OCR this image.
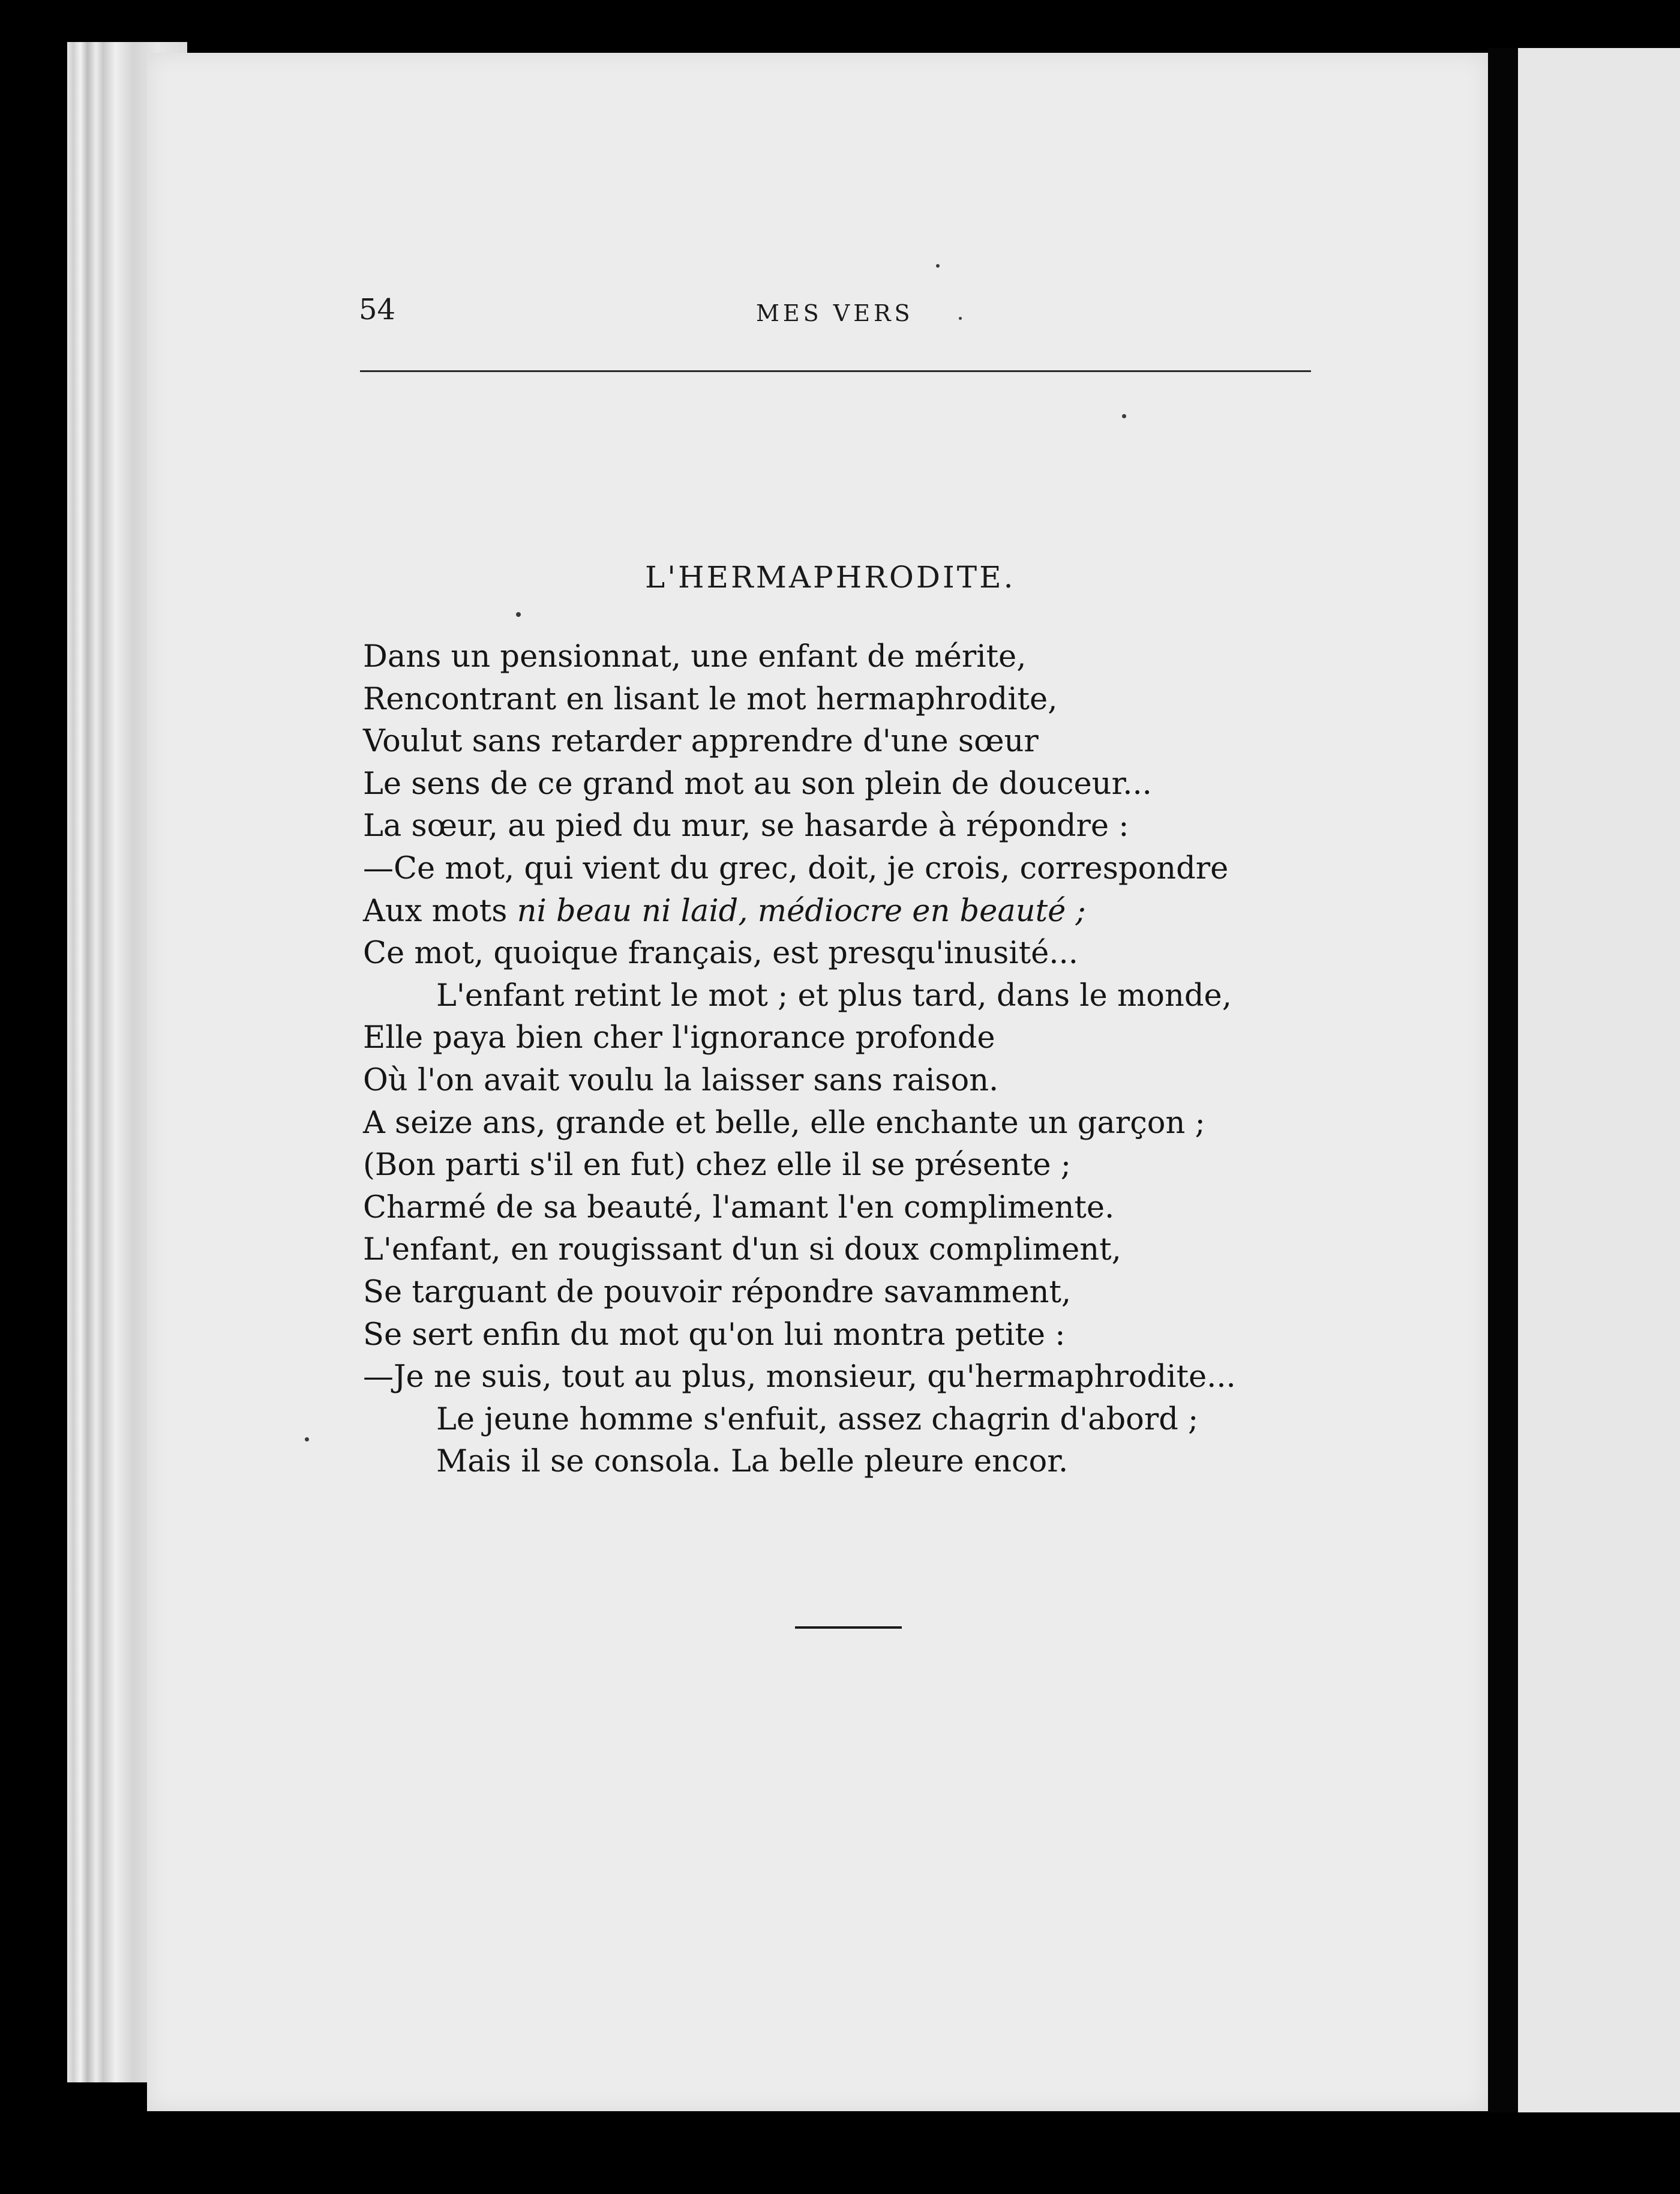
54	MES VERS
L'HERMAPHRODITE.
Dans un pensionnat, une enfant de mérite,
Rencontrant en lisant le mot hermaphrodite,
Voulut sans retarder apprendre d'une sœur
Le sens de ce grand mot au son plein de douceur...
La sœur, au pied du mur, se hasarde à répondre :
—Ce mot, qui vient du grec, doit, je crois, correspondre
Aux mots ni beau ni laid, médiocre en beauté ;
Ce mot, quoique français, est presqu'inusité...
L'enfant retint le mot ; et plus tard, dans le monde,
Elle paya bien cher l'ignorance profonde
Où l'on avait voulu la laisser sans raison.
A seize ans, grande et belle, elle enchante un garçon ;
(Bon parti s'il en fut) chez elle il se présente ;
Charmé de sa beauté, l'amant l'en complimente.
L'enfant, en rougissant d'un si doux compliment,
Se targuant de pouvoir répondre savamment,
Se sert enfin du mot qu'on lui montra petite :
—Je ne suis, tout au plus, monsieur, qu'hermaphrodite...
Le jeune homme s'enfuit, assez chagrin d'abord ;
Mais il se consola. La belle pleure encor.
